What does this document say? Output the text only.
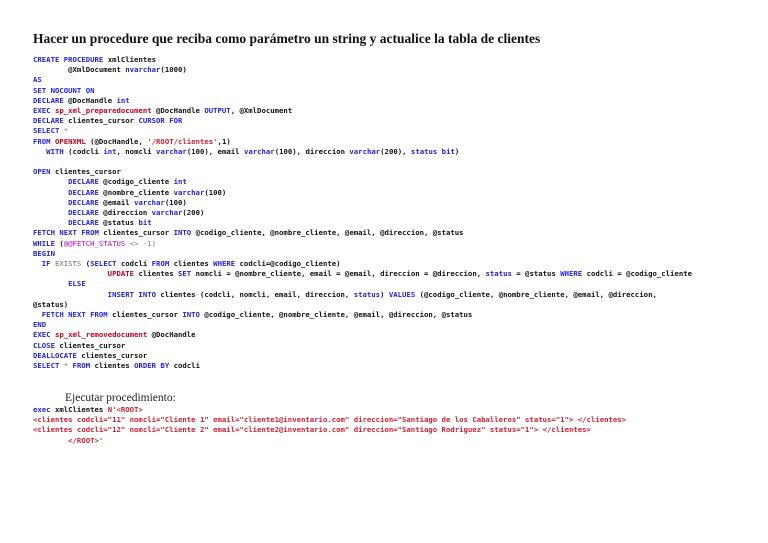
Hacer un procedure que reciba como parámetro un string y actualice la tabla de clientes
CREATE PROCEDURE xmlClientes
@XmlDocument nvarchar(1000)
AS
SET NOCOUNT ON
DECLARE @DocHandle int
EXEC sp_xml_preparedocument @DocHandle OUTPUT, @XmlDocument
DECLARE clientes_cursor CURSOR FOR
SELECT *
FROM OPENXML (@DocHandle, '/ROOT/clientes',1)
WITH (codcli int, nomcli varchar(100), email varchar(100), direccion varchar(200), status bit)

OPEN clientes_cursor
DECLARE @codigo_cliente int
DECLARE @nombre_cliente varchar(100)
DECLARE @email varchar(100)
DECLARE @direccion varchar(200)
DECLARE @status bit
FETCH NEXT FROM clientes_cursor INTO @codigo_cliente, @nombre_cliente, @email, @direccion, @status
WHILE (@@FETCH_STATUS <> -1)
BEGIN
IF EXISTS (SELECT codcli FROM clientes WHERE codcli=@codigo_cliente)
UPDATE clientes SET nomcli = @nombre_cliente, email = @email, direccion = @direccion, status = @status WHERE codcli = @codigo_cliente
ELSE
INSERT INTO clientes (codcli, nomcli, email, direccion, status) VALUES (@codigo_cliente, @nombre_cliente, @email, @direccion,
@status)
FETCH NEXT FROM clientes_cursor INTO @codigo_cliente, @nombre_cliente, @email, @direccion, @status
END
EXEC sp_xml_removedocument @DocHandle
CLOSE clientes_cursor
DEALLOCATE clientes_cursor
SELECT * FROM clientes ORDER BY codcli
Ejecutar procedimiento:
exec xmlClientes N'<ROOT>
<clientes codcli="11" nomcli="Cliente 1" email="cliente1@inventario.com" direccion="Santiago de los Caballeros" status="1"> </clientes>
<clientes codcli="12" nomcli="Cliente 2" email="cliente2@inventario.com" direccion="Santiago Rodriguez" status="1"> </clientes>
</ROOT>'
